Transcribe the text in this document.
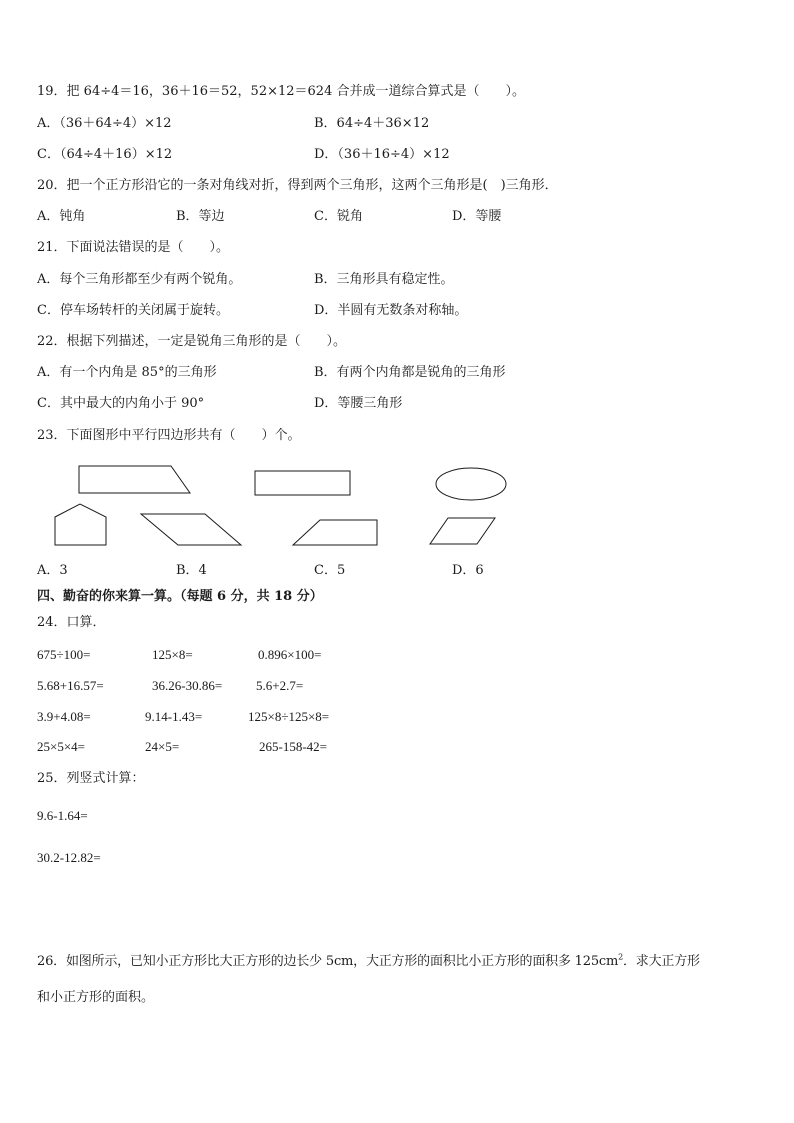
19．把 64÷4＝16，36＋16＝52，52×12＝624 合并成一道综合算式是（　　）。
A．（36＋64÷4）×12	B．64÷4＋36×12
C．（64÷4＋16）×12	D．（36＋16÷4）×12
20．把一个正方形沿它的一条对角线对折，得到两个三角形，这两个三角形是(　)三角形．
A．钝角	B．等边	C．锐角	D．等腰
21．下面说法错误的是（　　）。
A．每个三角形都至少有两个锐角。	B．三角形具有稳定性。
C．停车场转杆的关闭属于旋转。	D．半圆有无数条对称轴。
22．根据下列描述，一定是锐角三角形的是（　　）。
A．有一个内角是 85°的三角形	B．有两个内角都是锐角的三角形
C．其中最大的内角小于 90°	D．等腰三角形
23．下面图形中平行四边形共有（　　）个。
A．3	B．4	C．5	D．6
四、勤奋的你来算一算。（每题 6 分，共 18 分）
24．口算．
675÷100=	125×8=	0.896×100=
5.68+16.57=	36.26-30.86=	5.6+2.7=
3.9+4.08=	9.14-1.43=	125×8÷125×8=
25×5×4=	24×5=	265-158-42=
25．列竖式计算：
9.6-1.64=
30.2-12.82=
26．如图所示，已知小正方形比大正方形的边长少 5cm，大正方形的面积比小正方形的面积多 $125cm^2$．求大正方形
和小正方形的面积。
